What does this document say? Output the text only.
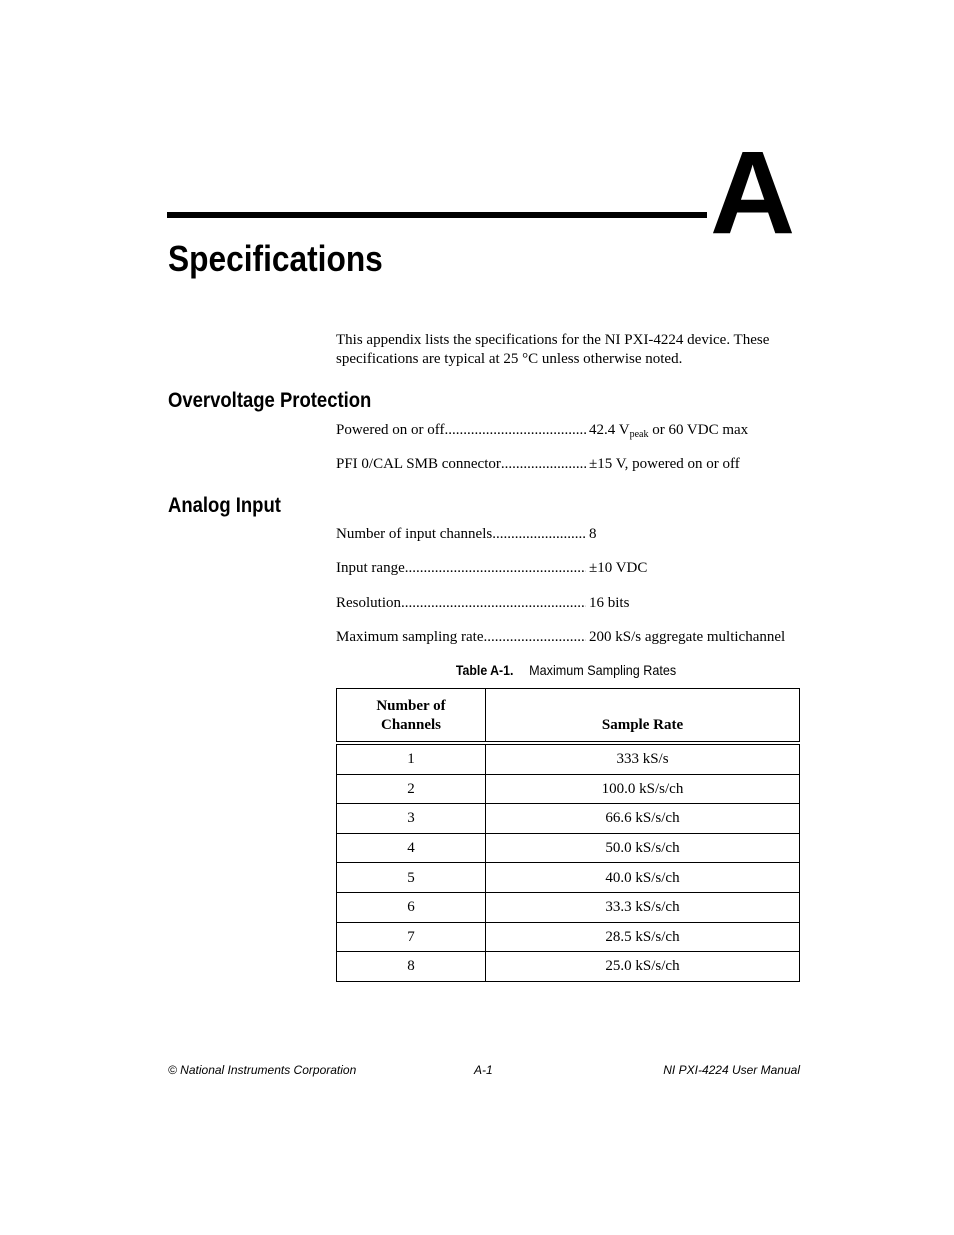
A
Specifications

This appendix lists the specifications for the NI PXI-4224 device. These specifications are typical at 25 °C unless otherwise noted.

Overvoltage Protection
Powered on or off .....	42.4 $V_{peak}$ or 60 VDC max
PFI 0/CAL SMB connector .....	±15 V, powered on or off
Analog Input
Number of input channels .....	8
Input range .....	±10 VDC
Resolution .....	16 bits
Maximum sampling rate .....	200 kS/s aggregate multichannel
Table A-1. Maximum Sampling Rates
Number of
Channels	Sample Rate
1	333 kS/s
2	100.0 kS/s/ch
3	66.6 kS/s/ch
4	50.0 kS/s/ch
5	40.0 kS/s/ch
6	33.3 kS/s/ch
7	28.5 kS/s/ch
8	25.0 kS/s/ch
© National Instruments Corporation	A-1	NI PXI-4224 User Manual
